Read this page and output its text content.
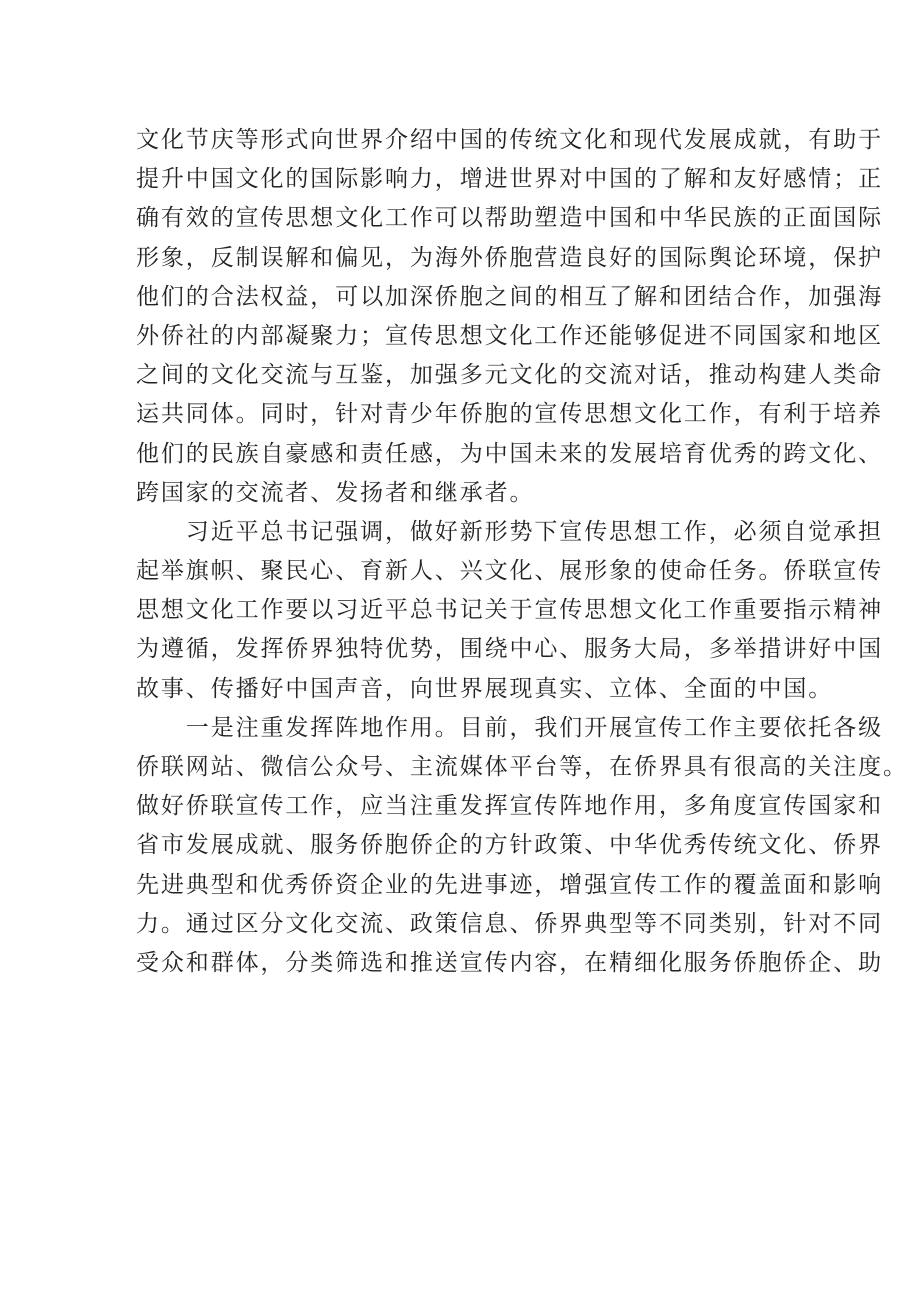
文化节庆等形式向世界介绍中国的传统文化和现代发展成就，有助于
提升中国文化的国际影响力，增进世界对中国的了解和友好感情；正
确有效的宣传思想文化工作可以帮助塑造中国和中华民族的正面国际
形象，反制误解和偏见，为海外侨胞营造良好的国际舆论环境，保护
他们的合法权益，可以加深侨胞之间的相互了解和团结合作，加强海
外侨社的内部凝聚力；宣传思想文化工作还能够促进不同国家和地区
之间的文化交流与互鉴，加强多元文化的交流对话，推动构建人类命
运共同体。同时，针对青少年侨胞的宣传思想文化工作，有利于培养
他们的民族自豪感和责任感，为中国未来的发展培育优秀的跨文化、
跨国家的交流者、发扬者和继承者。
　　习近平总书记强调，做好新形势下宣传思想工作，必须自觉承担
起举旗帜、聚民心、育新人、兴文化、展形象的使命任务。侨联宣传
思想文化工作要以习近平总书记关于宣传思想文化工作重要指示精神
为遵循，发挥侨界独特优势，围绕中心、服务大局，多举措讲好中国
故事、传播好中国声音，向世界展现真实、立体、全面的中国。
　　一是注重发挥阵地作用。目前，我们开展宣传工作主要依托各级
侨联网站、微信公众号、主流媒体平台等，在侨界具有很高的关注度。
做好侨联宣传工作，应当注重发挥宣传阵地作用，多角度宣传国家和
省市发展成就、服务侨胞侨企的方针政策、中华优秀传统文化、侨界
先进典型和优秀侨资企业的先进事迹，增强宣传工作的覆盖面和影响
力。通过区分文化交流、政策信息、侨界典型等不同类别，针对不同
受众和群体，分类筛选和推送宣传内容，在精细化服务侨胞侨企、助
